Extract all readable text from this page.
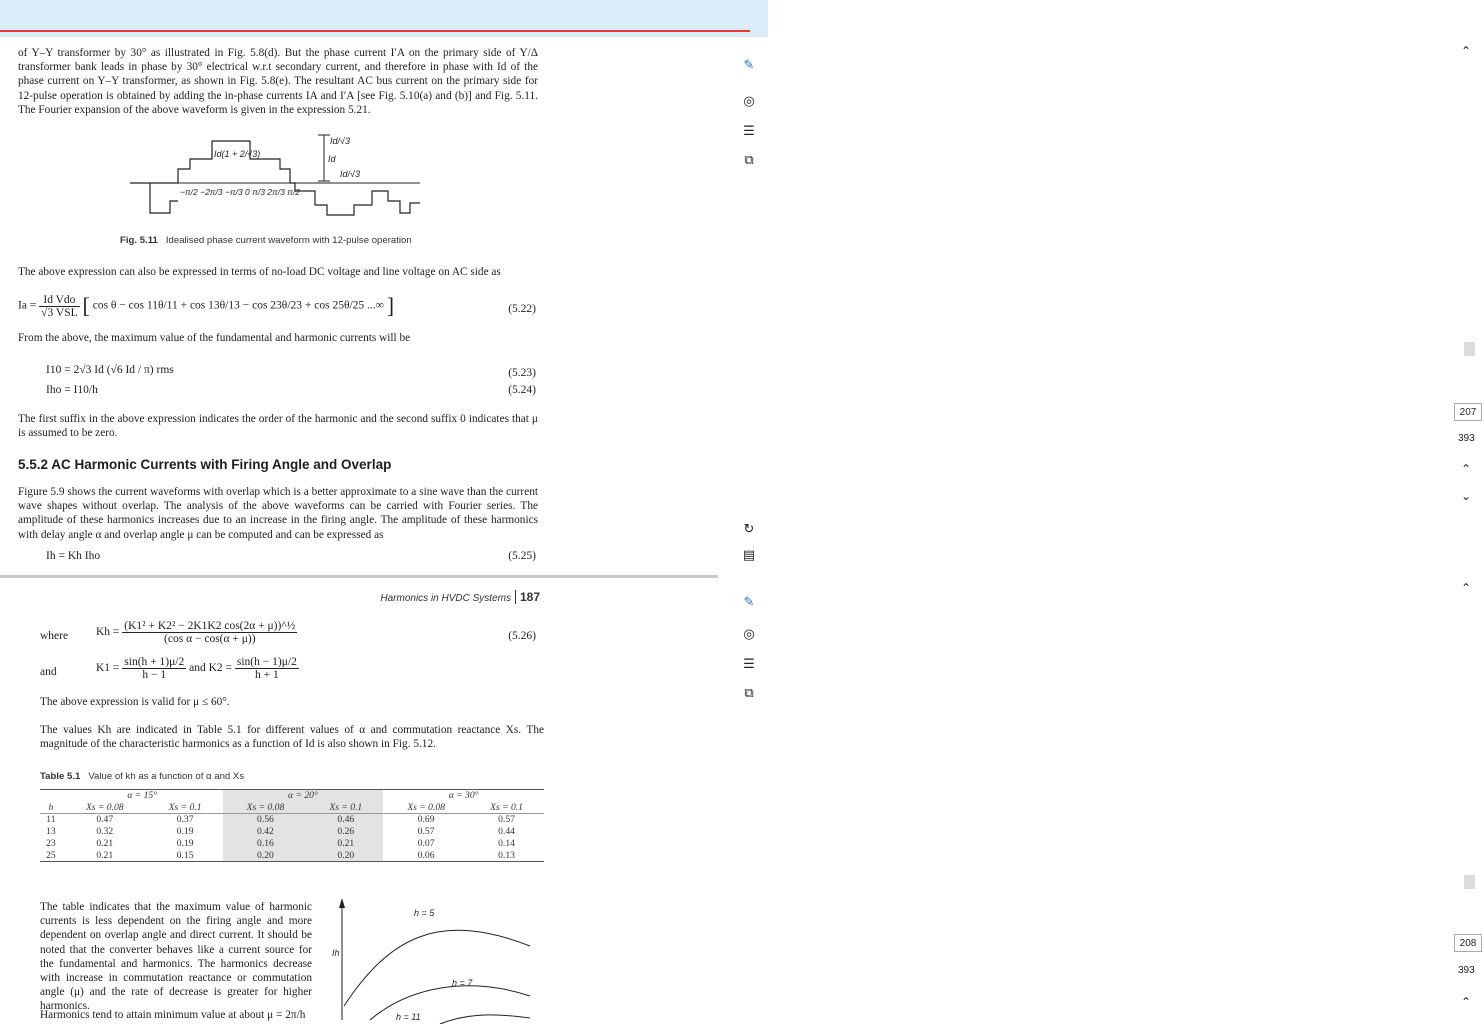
of Y–Y transformer by 30° as illustrated in Fig. 5.8(d). But the phase current I′A on the primary side of Y/Δ transformer bank leads in phase by 30° electrical w.r.t secondary current, and therefore in phase with Id of the phase current on Y–Y transformer, as shown in Fig. 5.8(e). The resultant AC bus current on the primary side for 12-pulse operation is obtained by adding the in-phase currents IA and I′A [see Fig. 5.10(a) and (b)] and Fig. 5.11. The Fourier expansion of the above waveform is given in the expression 5.21.
Id(1 + 2/√3)
Id/√3
Id
Id/√3
−π/2 −2π/3 −π/3 0 π/3 2π/3 π/2
Fig. 5.11 Idealised phase current waveform with 12-pulse operation
The above expression can also be expressed in terms of no-load DC voltage and line voltage on AC side as
$Ia = \frac{\text{Id Vdo}}{\text{√3 VSL}}$ [ cos θ − cos 11θ/11 + cos 13θ/13 − cos 23θ/23 + cos 25θ/25 ...∞ ]	(5.22)
From the above, the maximum value of the fundamental and harmonic currents will be
I10 = 2√3 Id (√6 Id / π) rms	(5.23)
Iho = I10/h	(5.24)
The first suffix in the above expression indicates the order of the harmonic and the second suffix 0 indicates that μ is assumed to be zero.
5.5.2 AC Harmonic Currents with Firing Angle and Overlap
Figure 5.9 shows the current waveforms with overlap which is a better approximate to a sine wave than the current wave shapes without overlap. The analysis of the above waveforms can be carried with Fourier series. The amplitude of these harmonics increases due to an increase in the firing angle. The amplitude of these harmonics with delay angle α and overlap angle μ can be computed and can be expressed as
Ih = Kh Iho	(5.25)
Harmonics in HVDC Systems 187
where $Kh = \frac{\text{(K1² + K2² − 2K1K2 cos(2α + μ))\textasciicircum{}½}}{\text{(cos α − cos(α + μ))}}$	(5.26)
and	$K1 = \frac{\sin(h + 1)\mu/2}{h - 1}$ and $K2 = \frac{\sin(h - 1)\mu/2}{h + 1}$
The above expression is valid for μ ≤ 60°.
The values Kh are indicated in Table 5.1 for different values of α and commutation reactance Xs. The magnitude of the characteristic harmonics as a function of Id is also shown in Fig. 5.12.
Table 5.1 Value of kh as a function of α and Xs
	α = 15°		α = 20°		α = 30°	
h	Xs = 0.08	Xs = 0.1	Xs = 0.08	Xs = 0.1	Xs = 0.08	Xs = 0.1
11	0.47	0.37	0.56	0.46	0.69	0.57
13	0.32	0.19	0.42	0.26	0.57	0.44
23	0.21	0.19	0.16	0.21	0.07	0.14
25	0.21	0.15	0.20	0.20	0.06	0.13
The table indicates that the maximum value of harmonic currents is less dependent on the firing angle and more dependent on overlap angle and direct current. It should be noted that the converter behaves like a current source for the fundamental and harmonics. The harmonics decrease with increase in commutation reactance or commutation angle (μ) and the rate of decrease is greater for higher harmonics.
Harmonics tend to attain minimum value at about μ = 2π/h
Ih
h = 5
h = 7
h = 11
⌃
✎
◎
☰
⧉
207
393
⌃
⌄
↻
▤
⌃
✎
◎
☰
⧉
208
393
⌃
